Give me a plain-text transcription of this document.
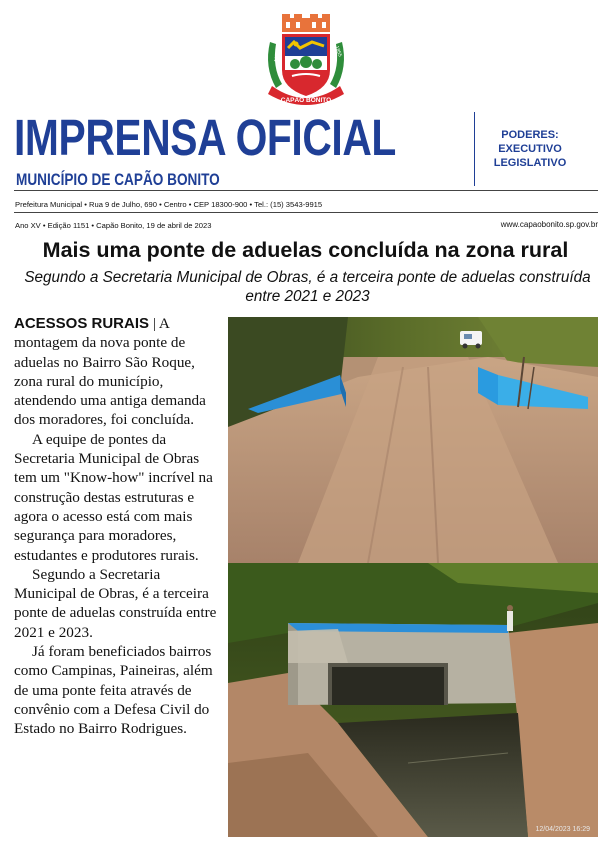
1843	1855
CAPÃO BONITO
IMPRENSA OFICIAL
MUNICÍPIO DE CAPÃO BONITO
PODERES:
EXECUTIVO
LEGISLATIVO
Prefeitura Municipal • Rua 9 de Julho, 690 • Centro • CEP 18300-900 • Tel.: (15) 3543-9915
Ano XV • Edição 1151 • Capão Bonito, 19 de abril de 2023	www.capaobonito.sp.gov.br
Mais uma ponte de aduelas concluída na zona rural
Segundo a Secretaria Municipal de Obras, é a terceira ponte de aduelas construída entre 2021 e 2023

ACESSOS RURAIS | A montagem da nova ponte de aduelas no Bairro São Roque, zona rural do município, atendendo uma antiga demanda dos moradores, foi concluída.

A equipe de pontes da Secretaria Municipal de Obras tem um "Know-how" incrível na construção destas estruturas e agora o acesso está com mais segurança para moradores, estudantes e produtores rurais.

Segundo a Secretaria Municipal de Obras, é a terceira ponte de aduelas construída entre 2021 e 2023.

Já foram beneficiados bairros como Campinas, Paineiras, além de uma ponte feita através de convênio com a Defesa Civil do Estado no Bairro Rodrigues.

12/04/2023 16:29
